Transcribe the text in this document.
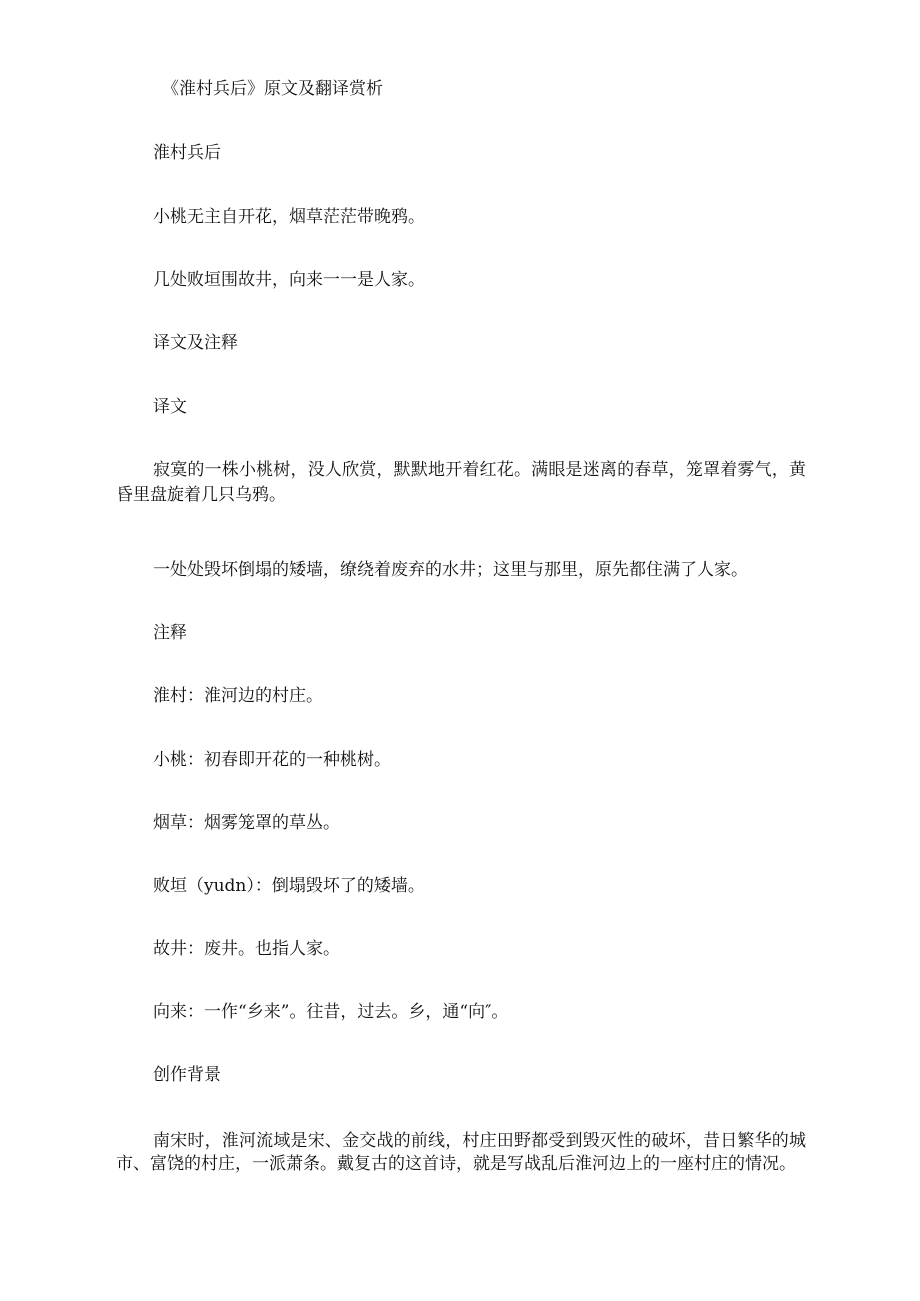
《淮村兵后》原文及翻译赏析

淮村兵后

小桃无主自开花，烟草茫茫带晚鸦。

几处败垣围故井，向来一一是人家。

译文及注释

译文

寂寞的一株小桃树，没人欣赏，默默地开着红花。满眼是迷离的春草，笼罩着雾气，黄昏里盘旋着几只乌鸦。

一处处毁坏倒塌的矮墙，缭绕着废弃的水井；这里与那里，原先都住满了人家。

注释

淮村：淮河边的村庄。

小桃：初春即开花的一种桃树。

烟草：烟雾笼罩的草丛。

败垣（yudn）：倒塌毁坏了的矮墙。

故井：废井。也指人家。

向来：一作“乡来”。往昔，过去。乡，通“向″。

创作背景

南宋时，淮河流域是宋、金交战的前线，村庄田野都受到毁灭性的破坏，昔日繁华的城市、富饶的村庄，一派萧条。戴复古的这首诗，就是写战乱后淮河边上的一座村庄的情况。
